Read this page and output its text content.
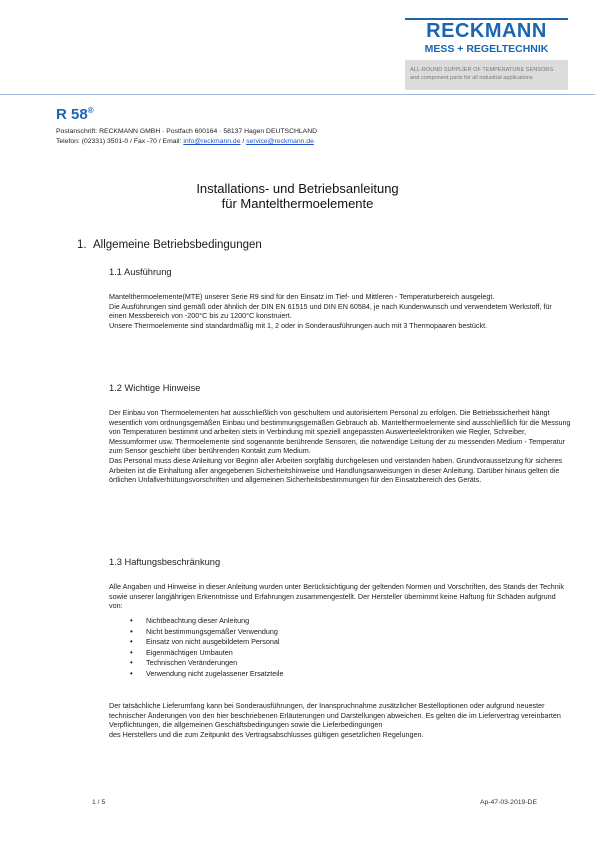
RECKMANN
MESS + REGELTECHNIK
ALL-ROUND SUPPLIER OF TEMPERATURE SENSORS
and component parts for all industrial applications
R 58®
Postanschrift: RECKMANN GMBH · Postfach 600164 · 58137 Hagen DEUTSCHLAND
Telefon: (02331) 3501-0 / Fax -70 / Email: info@reckmann.de / service@reckmann.de
Installations- und Betriebsanleitung
für Mantelthermoelemente
1. Allgemeine Betriebsbedingungen
1.1 Ausführung
Mantelthermoelemente(MTE) unserer Serie R9 sind für den Einsatz im Tief- und Mittleren - Temperaturbereich ausgelegt.
Die Ausführungen sind gemäß oder ähnlich der DIN EN 61515 und DIN EN 60584, je nach Kundenwunsch und verwendetem Werkstoff, für einen Messbereich von -200°C bis zu 1200°C konstruiert.
Unsere Thermoelemente sind standardmäßig mit 1, 2 oder in Sonderausführungen auch mit 3 Thermopaaren bestückt.
1.2 Wichtige Hinweise
Der Einbau von Thermoelementen hat ausschließlich von geschultem und autorisiertem Personal zu erfolgen. Die Betriebssicherheit hängt wesentlich vom ordnungsgemäßen Einbau und bestimmungsgemäßen Gebrauch ab. Mantelthermoelemente sind ausschließlich für die Messung von Temperaturen bestimmt und arbeiten stets in Verbindung mit speziell angepassten Auswerteelektroniken wie Regler, Schreiber, Messumformer usw. Thermoelemente sind sogenannte berührende Sensoren, die notwendige Leitung der zu messenden Medium - Temperatur zum Sensor geschieht über berührenden Kontakt zum Medium.
Das Personal muss diese Anleitung vor Beginn aller Arbeiten sorgfältig durchgelesen und verstanden haben. Grundvoraussetzung für sicheres Arbeiten ist die Einhaltung aller angegebenen Sicherheitshinweise und Handlungsanweisungen in dieser Anleitung. Darüber hinaus gelten die örtlichen Unfallverhütungsvorschriften und allgemeinen Sicherheitsbestimmungen für den Einsatzbereich des Geräts.
1.3 Haftungsbeschränkung
Alle Angaben und Hinweise in dieser Anleitung wurden unter Berücksichtigung der geltenden Normen und Vorschriften, des Stands der Technik sowie unserer langjährigen Erkenntnisse und Erfahrungen zusammengestellt. Der Hersteller übernimmt keine Haftung für Schäden aufgrund von:
• Nichtbeachtung dieser Anleitung
• Nicht bestimmungsgemäßer Verwendung
• Einsatz von nicht ausgebildetem Personal
• Eigenmächtigen Umbauten
• Technischen Veränderungen
• Verwendung nicht zugelassener Ersatzteile
Der tatsächliche Lieferumfang kann bei Sonderausführungen, der Inanspruchnahme zusätzlicher Bestelloptionen oder aufgrund neuester technischer Änderungen von den hier beschriebenen Erläuterungen und Darstellungen abweichen. Es gelten die im Liefervertrag vereinbarten Verpflichtungen, die allgemeinen Geschäftsbedingungen sowie die Lieferbedingungen
des Herstellers und die zum Zeitpunkt des Vertragsabschlusses gültigen gesetzlichen Regelungen.
1 / 5	Ap-47-03-2019-DE
